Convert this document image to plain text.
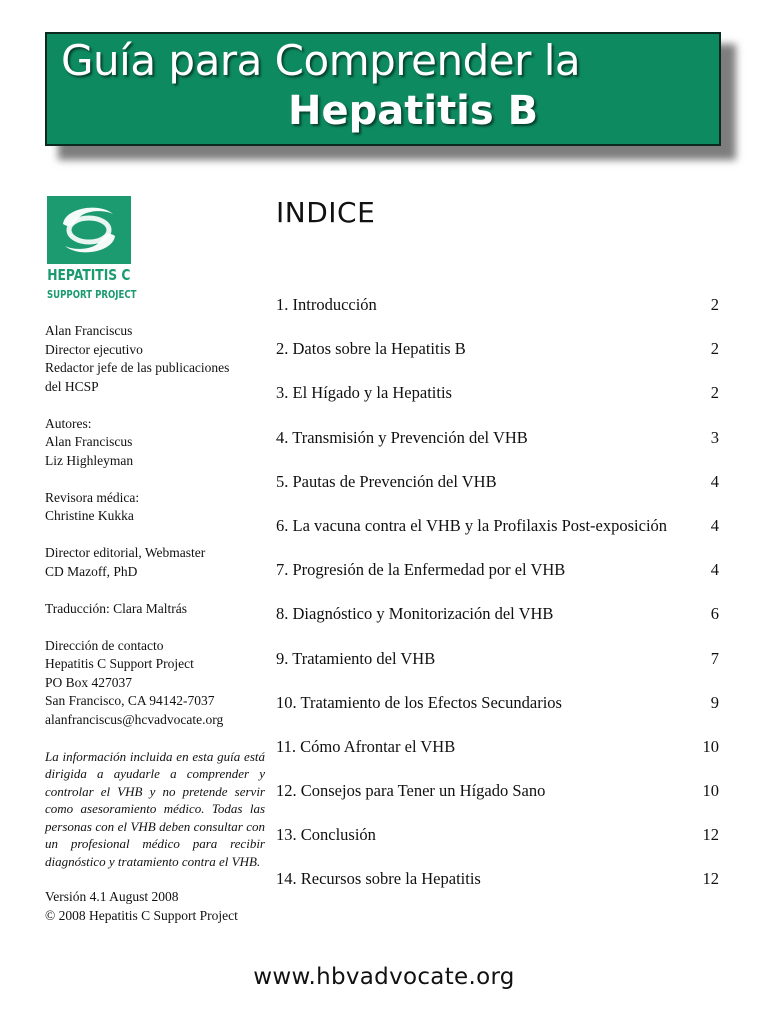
Guía para Comprender la
Hepatitis B
HEPATITIS C
SUPPORT PROJECT
Alan Franciscus
Director ejecutivo
Redactor jefe de las publicaciones
del HCSP
Autores:
Alan Franciscus
Liz Highleyman
Revisora médica:
Christine Kukka
Director editorial, Webmaster
CD Mazoff, PhD
Traducción: Clara Maltrás
Dirección de contacto
Hepatitis C Support Project
PO Box 427037
San Francisco, CA 94142-7037
alanfranciscus@hcvadvocate.org
La información incluida en esta guía está dirigida a ayudarle a comprender y controlar el VHB y no pretende servir como asesoramiento médico. Todas las personas con el VHB deben consultar con un profesional médico para recibir diagnóstico y tratamiento contra el VHB.
Versión 4.1 August 2008
© 2008 Hepatitis C Support Project
INDICE
1. Introducción	2
2. Datos sobre la Hepatitis B	2
3. El Hígado y la Hepatitis	2
4. Transmisión y Prevención del VHB	3
5. Pautas de Prevención del VHB	4
6. La vacuna contra el VHB y la Profilaxis Post-exposición	4
7. Progresión de la Enfermedad por el VHB	4
8. Diagnóstico y Monitorización del VHB	6
9. Tratamiento del VHB	7
10. Tratamiento de los Efectos Secundarios	9
11. Cómo Afrontar el VHB	10
12. Consejos para Tener un Hígado Sano	10
13. Conclusión	12
14. Recursos sobre la Hepatitis	12
www.hbvadvocate.org
